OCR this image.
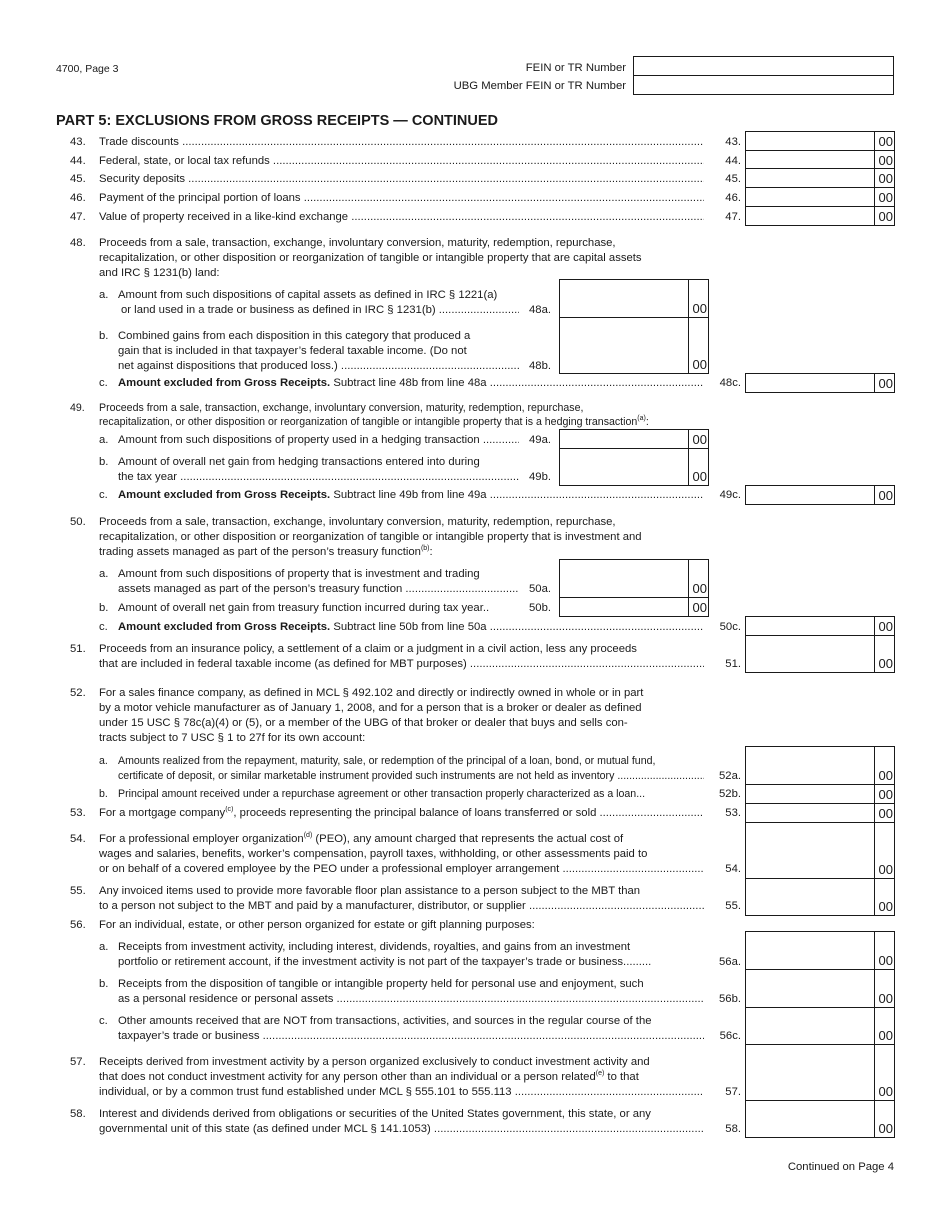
4700, Page 3	FEIN or TR Number
UBG Member FEIN or TR Number
PART 5: EXCLUSIONS FROM GROSS RECEIPTS — CONTINUED
43. Trade discounts .....	43.	00
44. Federal, state, or local tax refunds .....	44.	00
45. Security deposits .....	45.	00
46. Payment of the principal portion of loans .....	46.	00
47. Value of property received in a like-kind exchange .....	47.	00
48. Proceeds from a sale, transaction, exchange, involuntary conversion, maturity, redemption, repurchase,
recapitalization, or other disposition or reorganization of tangible or intangible property that are capital assets
and IRC § 1231(b) land:
a. Amount from such dispositions of capital assets as defined in IRC § 1221(a)
or land used in a trade or business as defined in IRC § 1231(b) .....	48a.	00
b. Combined gains from each disposition in this category that produced a
gain that is included in that taxpayer’s federal taxable income. (Do not
net against dispositions that produced loss.) .....	48b.	00
c. Amount excluded from Gross Receipts. Subtract line 48b from line 48a .....	48c.	00
49. Proceeds from a sale, transaction, exchange, involuntary conversion, maturity, redemption, repurchase,
recapitalization, or other disposition or reorganization of tangible or intangible property that is a hedging transaction$^{(a)}$:
a. Amount from such dispositions of property used in a hedging transaction .....	49a.	00
b. Amount of overall net gain from hedging transactions entered into during
the tax year .....	49b.	00
c. Amount excluded from Gross Receipts. Subtract line 49b from line 49a .....	49c.	00
50. Proceeds from a sale, transaction, exchange, involuntary conversion, maturity, redemption, repurchase,
recapitalization, or other disposition or reorganization of tangible or intangible property that is investment and
trading assets managed as part of the person’s treasury function$^{(b)}$:
a. Amount from such dispositions of property that is investment and trading
assets managed as part of the person’s treasury function .....	50a.	00
b. Amount of overall net gain from treasury function incurred during tax year..	50b.	00
c. Amount excluded from Gross Receipts. Subtract line 50b from line 50a .....	50c.	00
51. Proceeds from an insurance policy, a settlement of a claim or a judgment in a civil action, less any proceeds
that are included in federal taxable income (as defined for MBT purposes) .....	51.	00
52. For a sales finance company, as defined in MCL § 492.102 and directly or indirectly owned in whole or in part
by a motor vehicle manufacturer as of January 1, 2008, and for a person that is a broker or dealer as defined
under 15 USC § 78c(a)(4) or (5), or a member of the UBG of that broker or dealer that buys and sells con-
tracts subject to 7 USC § 1 to 27f for its own account:
a. Amounts realized from the repayment, maturity, sale, or redemption of the principal of a loan, bond, or mutual fund,
certificate of deposit, or similar marketable instrument provided such instruments are not held as inventory .....	52a.	00
b. Principal amount received under a repurchase agreement or other transaction properly characterized as a loan...	52b.	00
53. For a mortgage company$^{(c)}$, proceeds representing the principal balance of loans transferred or sold .....	53.	00
54. For a professional employer organization$^{(d)}$ (PEO), any amount charged that represents the actual cost of
wages and salaries, benefits, worker’s compensation, payroll taxes, withholding, or other assessments paid to
or on behalf of a covered employee by the PEO under a professional employer arrangement .....	54.	00
55. Any invoiced items used to provide more favorable floor plan assistance to a person subject to the MBT than
to a person not subject to the MBT and paid by a manufacturer, distributor, or supplier .....	55.	00
56. For an individual, estate, or other person organized for estate or gift planning purposes:
a. Receipts from investment activity, including interest, dividends, royalties, and gains from an investment
portfolio or retirement account, if the investment activity is not part of the taxpayer’s trade or business.........	56a.	00
b. Receipts from the disposition of tangible or intangible property held for personal use and enjoyment, such
as a personal residence or personal assets .....	56b.	00
c. Other amounts received that are NOT from transactions, activities, and sources in the regular course of the
taxpayer’s trade or business .....	56c.	00
57. Receipts derived from investment activity by a person organized exclusively to conduct investment activity and
that does not conduct investment activity for any person other than an individual or a person related$^{(e)}$ to that
individual, or by a common trust fund established under MCL § 555.101 to 555.113 .....	57.	00
58. Interest and dividends derived from obligations or securities of the United States government, this state, or any
governmental unit of this state (as defined under MCL § 141.1053) .....	58.	00
Continued on Page 4
